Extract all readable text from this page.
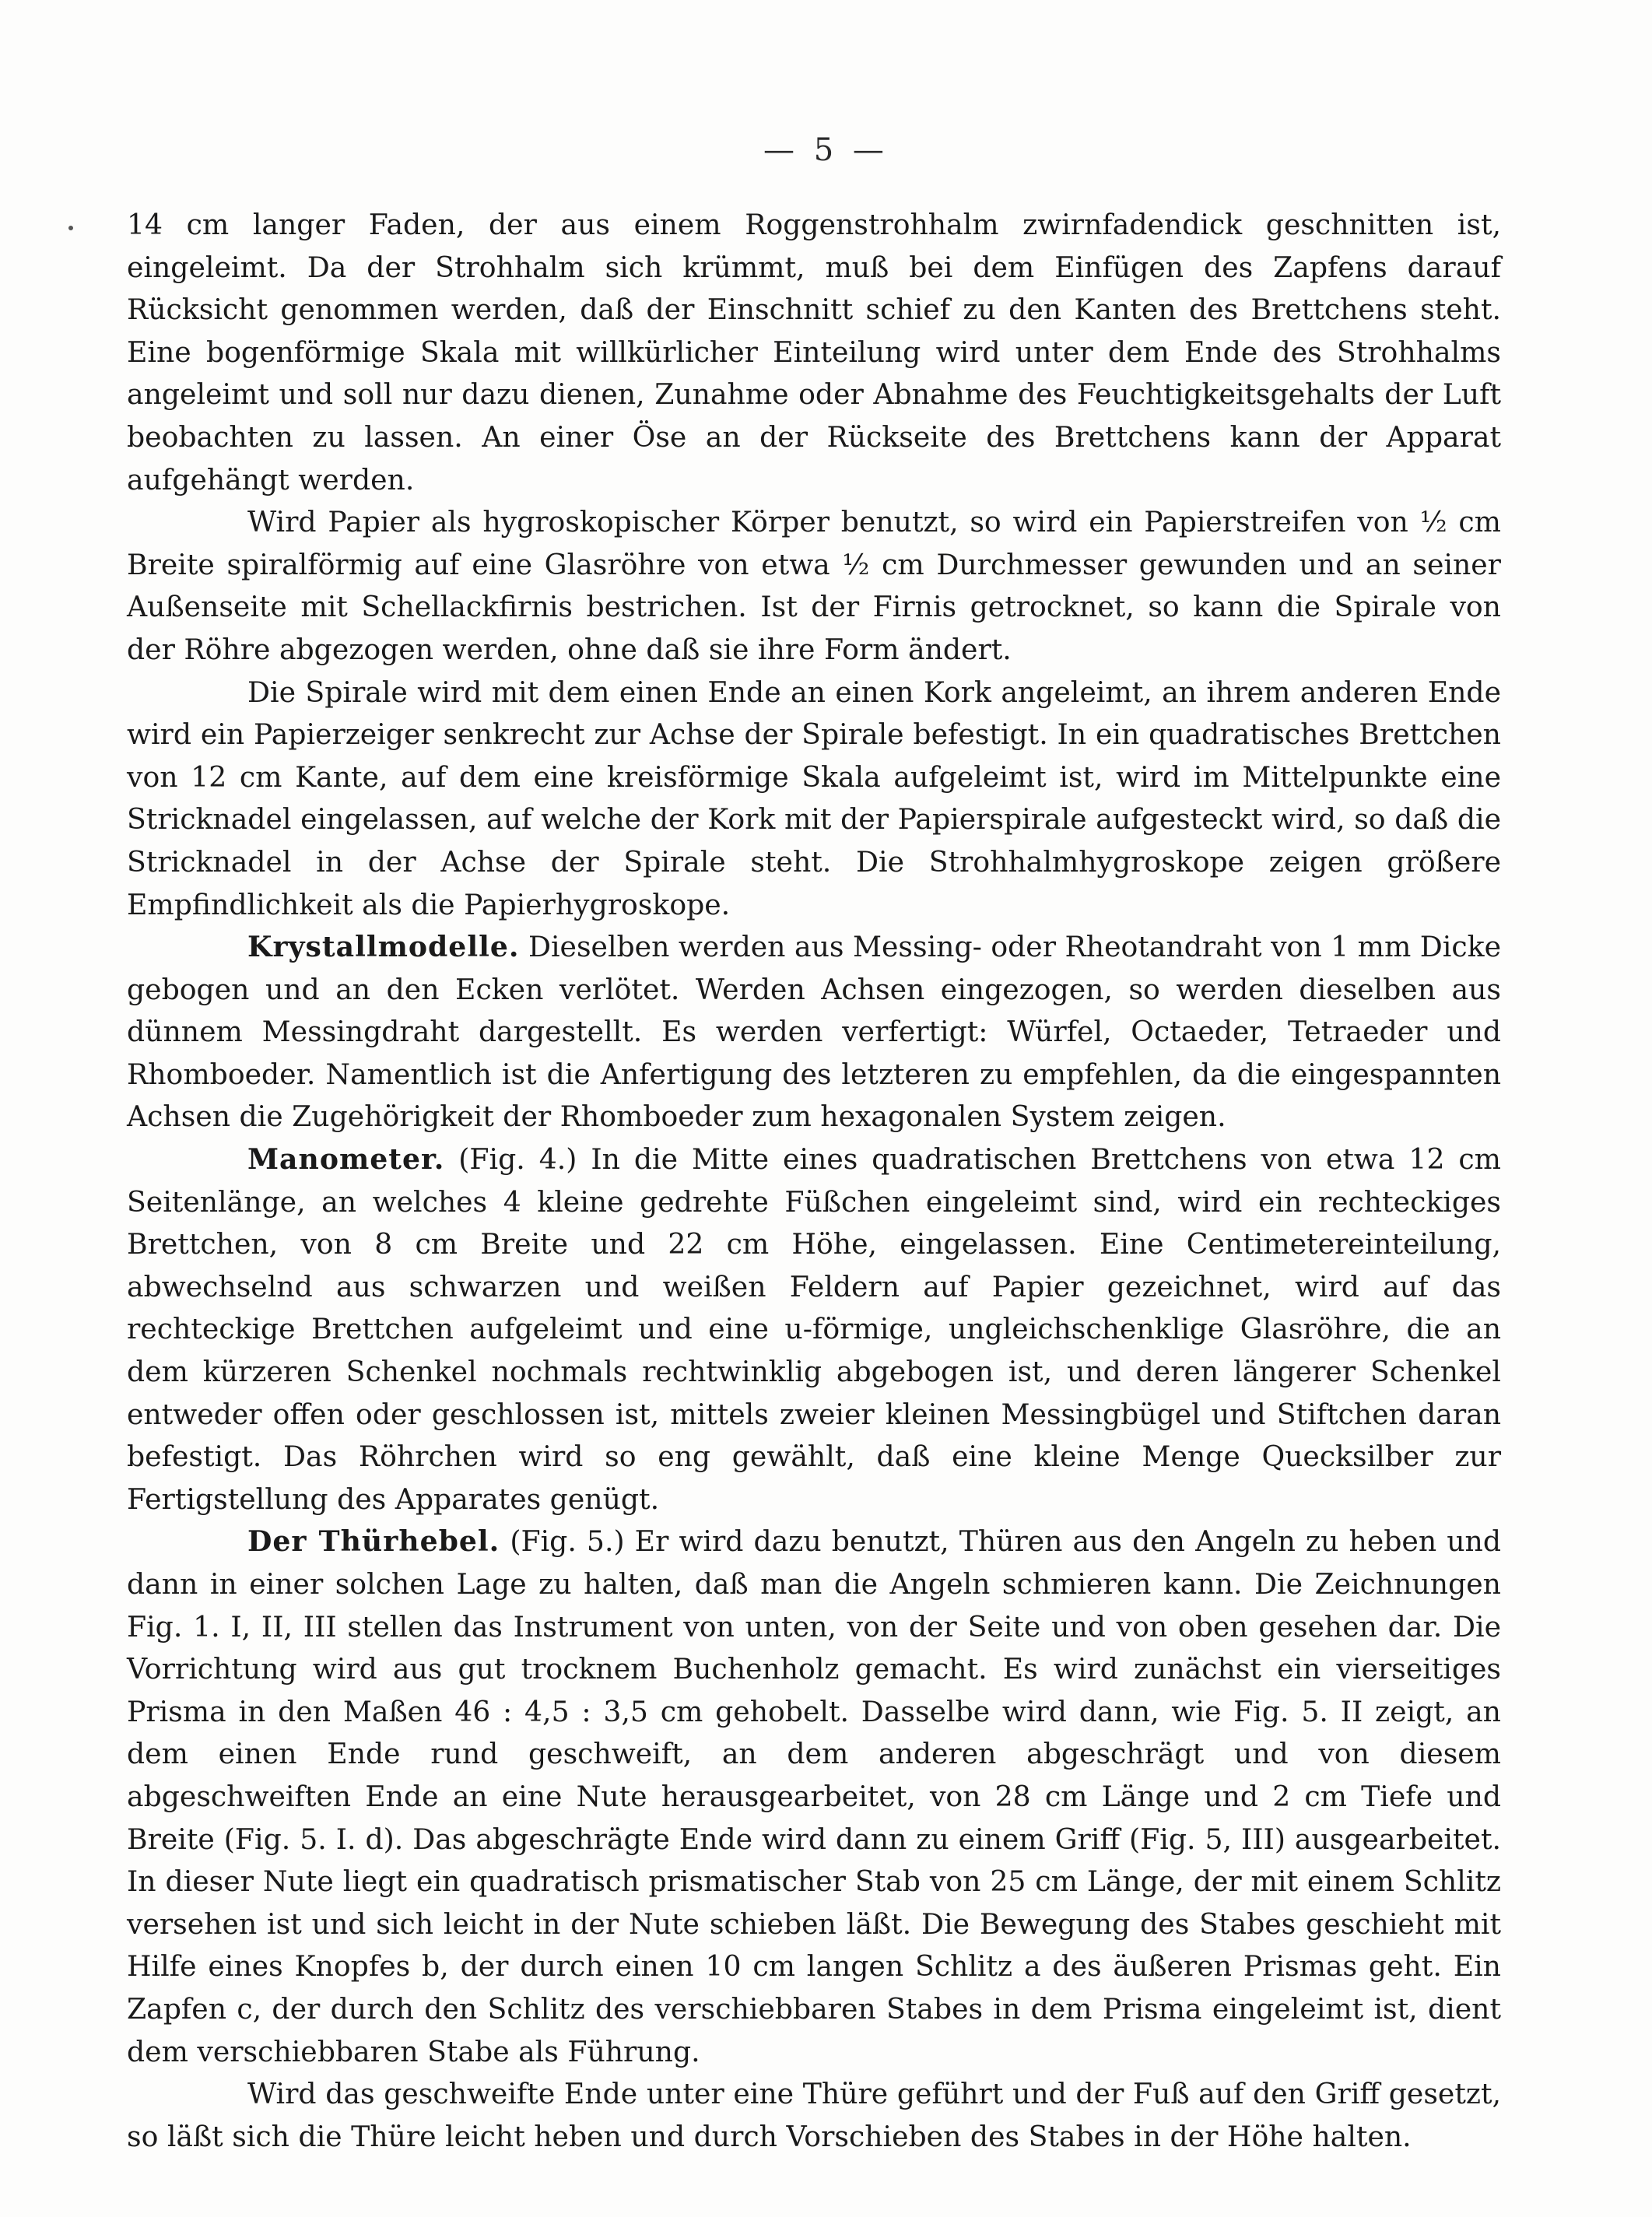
— 5 —

14 cm langer Faden, der aus einem Roggenstrohhalm zwirnfadendick geschnitten ist, eingeleimt. Da der Strohhalm sich krümmt, muß bei dem Einfügen des Zapfens darauf Rücksicht genommen werden, daß der Einschnitt schief zu den Kanten des Brettchens steht. Eine bogenförmige Skala mit willkürlicher Einteilung wird unter dem Ende des Strohhalms angeleimt und soll nur dazu dienen, Zunahme oder Abnahme des Feuchtigkeitsgehalts der Luft beobachten zu lassen. An einer Öse an der Rückseite des Brettchens kann der Apparat aufgehängt werden.

Wird Papier als hygroskopischer Körper benutzt, so wird ein Papierstreifen von ½ cm Breite spiralförmig auf eine Glasröhre von etwa ½ cm Durchmesser gewunden und an seiner Außenseite mit Schellackfirnis bestrichen. Ist der Firnis getrocknet, so kann die Spirale von der Röhre abgezogen werden, ohne daß sie ihre Form ändert.

Die Spirale wird mit dem einen Ende an einen Kork angeleimt, an ihrem anderen Ende wird ein Papierzeiger senkrecht zur Achse der Spirale befestigt. In ein quadratisches Brettchen von 12 cm Kante, auf dem eine kreisförmige Skala aufgeleimt ist, wird im Mittelpunkte eine Stricknadel eingelassen, auf welche der Kork mit der Papierspirale aufgesteckt wird, so daß die Stricknadel in der Achse der Spirale steht. Die Strohhalmhygroskope zeigen größere Empfindlichkeit als die Papierhygroskope.

Krystallmodelle. Dieselben werden aus Messing- oder Rheotandraht von 1 mm Dicke gebogen und an den Ecken verlötet. Werden Achsen eingezogen, so werden dieselben aus dünnem Messingdraht dargestellt. Es werden verfertigt: Würfel, Octaeder, Tetraeder und Rhomboeder. Namentlich ist die Anfertigung des letzteren zu empfehlen, da die eingespannten Achsen die Zugehörigkeit der Rhomboeder zum hexagonalen System zeigen.

Manometer. (Fig. 4.) In die Mitte eines quadratischen Brettchens von etwa 12 cm Seitenlänge, an welches 4 kleine gedrehte Füßchen eingeleimt sind, wird ein rechteckiges Brettchen, von 8 cm Breite und 22 cm Höhe, eingelassen. Eine Centimetereinteilung, abwechselnd aus schwarzen und weißen Feldern auf Papier gezeichnet, wird auf das rechteckige Brettchen aufgeleimt und eine u-förmige, ungleichschenklige Glasröhre, die an dem kürzeren Schenkel nochmals rechtwinklig abgebogen ist, und deren längerer Schenkel entweder offen oder geschlossen ist, mittels zweier kleinen Messingbügel und Stiftchen daran befestigt. Das Röhrchen wird so eng gewählt, daß eine kleine Menge Quecksilber zur Fertigstellung des Apparates genügt.

Der Thürhebel. (Fig. 5.) Er wird dazu benutzt, Thüren aus den Angeln zu heben und dann in einer solchen Lage zu halten, daß man die Angeln schmieren kann. Die Zeichnungen Fig. 1. I, II, III stellen das Instrument von unten, von der Seite und von oben gesehen dar. Die Vorrichtung wird aus gut trocknem Buchenholz gemacht. Es wird zunächst ein vierseitiges Prisma in den Maßen 46 : 4,5 : 3,5 cm gehobelt. Dasselbe wird dann, wie Fig. 5. II zeigt, an dem einen Ende rund geschweift, an dem anderen abgeschrägt und von diesem abgeschweiften Ende an eine Nute herausgearbeitet, von 28 cm Länge und 2 cm Tiefe und Breite (Fig. 5. I. d). Das abgeschrägte Ende wird dann zu einem Griff (Fig. 5, III) ausgearbeitet. In dieser Nute liegt ein quadratisch prismatischer Stab von 25 cm Länge, der mit einem Schlitz versehen ist und sich leicht in der Nute schieben läßt. Die Bewegung des Stabes geschieht mit Hilfe eines Knopfes b, der durch einen 10 cm langen Schlitz a des äußeren Prismas geht. Ein Zapfen c, der durch den Schlitz des verschiebbaren Stabes in dem Prisma eingeleimt ist, dient dem verschiebbaren Stabe als Führung.

Wird das geschweifte Ende unter eine Thüre geführt und der Fuß auf den Griff gesetzt, so läßt sich die Thüre leicht heben und durch Vorschieben des Stabes in der Höhe halten.
